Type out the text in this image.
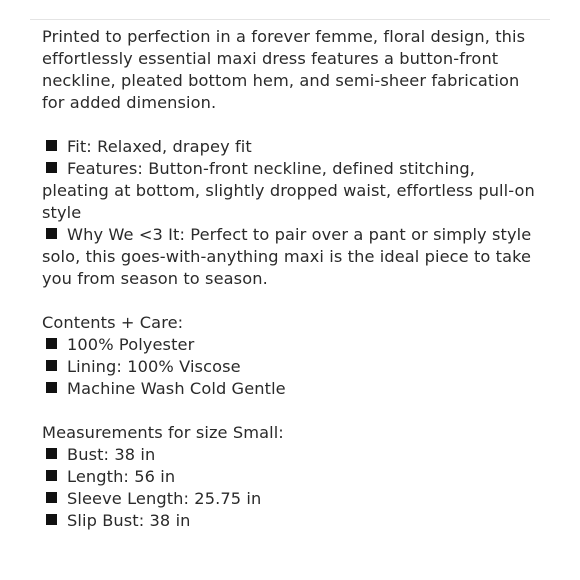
Printed to perfection in a forever femme, floral design, this effortlessly essential maxi dress features a button-front neckline, pleated bottom hem, and semi-sheer fabrication for added dimension.

Fit: Relaxed, drapey fit

Features: Button-front neckline, defined stitching, pleating at bottom, slightly dropped waist, effortless pull-on style

Why We <3 It: Perfect to pair over a pant or simply style solo, this goes-with-anything maxi is the ideal piece to take you from season to season.

Contents + Care:

100% Polyester

Lining: 100% Viscose

Machine Wash Cold Gentle

Measurements for size Small:

Bust: 38 in

Length: 56 in

Sleeve Length: 25.75 in

Slip Bust: 38 in
